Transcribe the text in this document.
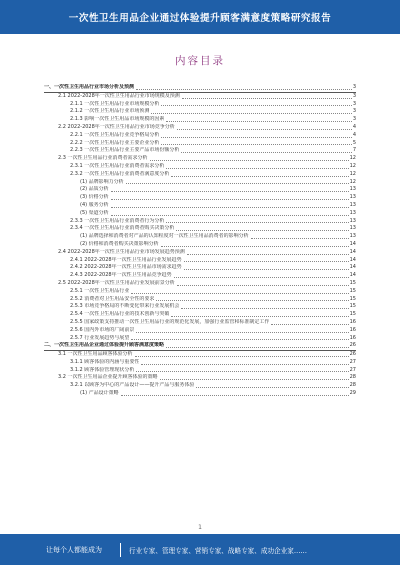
一次性卫生用品企业通过体验提升顾客满意度策略研究报告
内容目录
一、一次性卫生用品行业市场分析及预测	3
2.1 2022-2028年一次性卫生用品行业市场规模及预测	3
2.1.1 一次性卫生用品行业市场规模分析	3
2.1.2 一次性卫生用品行业市场预测	3
2.1.3 影响一次性卫生用品市场规模的因素	3
2.2 2022-2028年一次性卫生用品行业市场竞争分析	4
2.2.1 一次性卫生用品行业竞争格局分析	4
2.2.2 一次性卫生用品行业主要企业分析	5
2.2.3 一次性卫生用品行业主要产品市场份额分析	7
2.3 一次性卫生用品行业消费者需求分析	12
2.3.1 一次性卫生用品行业消费者需求分析	12
2.3.2 一次性卫生用品行业消费者满意度分析	12
(1) 品牌影响力分析	12
(2) 品质分析	13
(3) 价格分析	13
(4) 服务分析	13
(5) 渠道分析	13
2.3.3 一次性卫生用品行业消费者行为分析	13
2.3.4 一次性卫生用品行业消费者购买决策分析	13
(1) 品牌选择和消费者对产品的认知程度对一次性卫生用品消费者的影响分析	13
(2) 价格和消费者购买决策影响分析	14
2.4 2022-2028年一次性卫生用品行业市场发展趋势预测	14
2.4.1 2022-2028年一次性卫生用品行业发展趋势	14
2.4.2 2022-2028年一次性卫生用品市场需求趋势	14
2.4.3 2022-2028年一次性卫生用品竞争趋势	14
2.5 2022-2028年一次性卫生用品行业发展前景分析	15
2.5.1 一次性卫生用品行业	15
2.5.2 消费者对卫生用品安全性的要求	15
2.5.3 市场竞争格局的不断变化带来行业发展机会	15
2.5.4 一次性卫生用品行业的技术创新与突破	15
2.5.5 国家政策支持推动一次性卫生用品行业的规范化发展，加强行业监管和标准制定工作	16
2.5.6 国内外市场的广阔前景	16
2.5.7 行业发展趋势与展望	16
二、一次性卫生用品企业通过体验提升顾客满意度策略	26
3.1 一次性卫生用品顾客体验分析	26
3.1.1 顾客体验的内涵与重要性	27
3.1.2 顾客体验管理现状分析	27
3.2 一次性卫生用品企业提升顾客体验的策略	28
3.2.1 以顾客为中心的产品设计——提升产品与服务体验	28
(1) 产品设计策略	29
1
让每个人都能成为	行业专家、管理专家、营销专家、战略专家、成功企业家……
